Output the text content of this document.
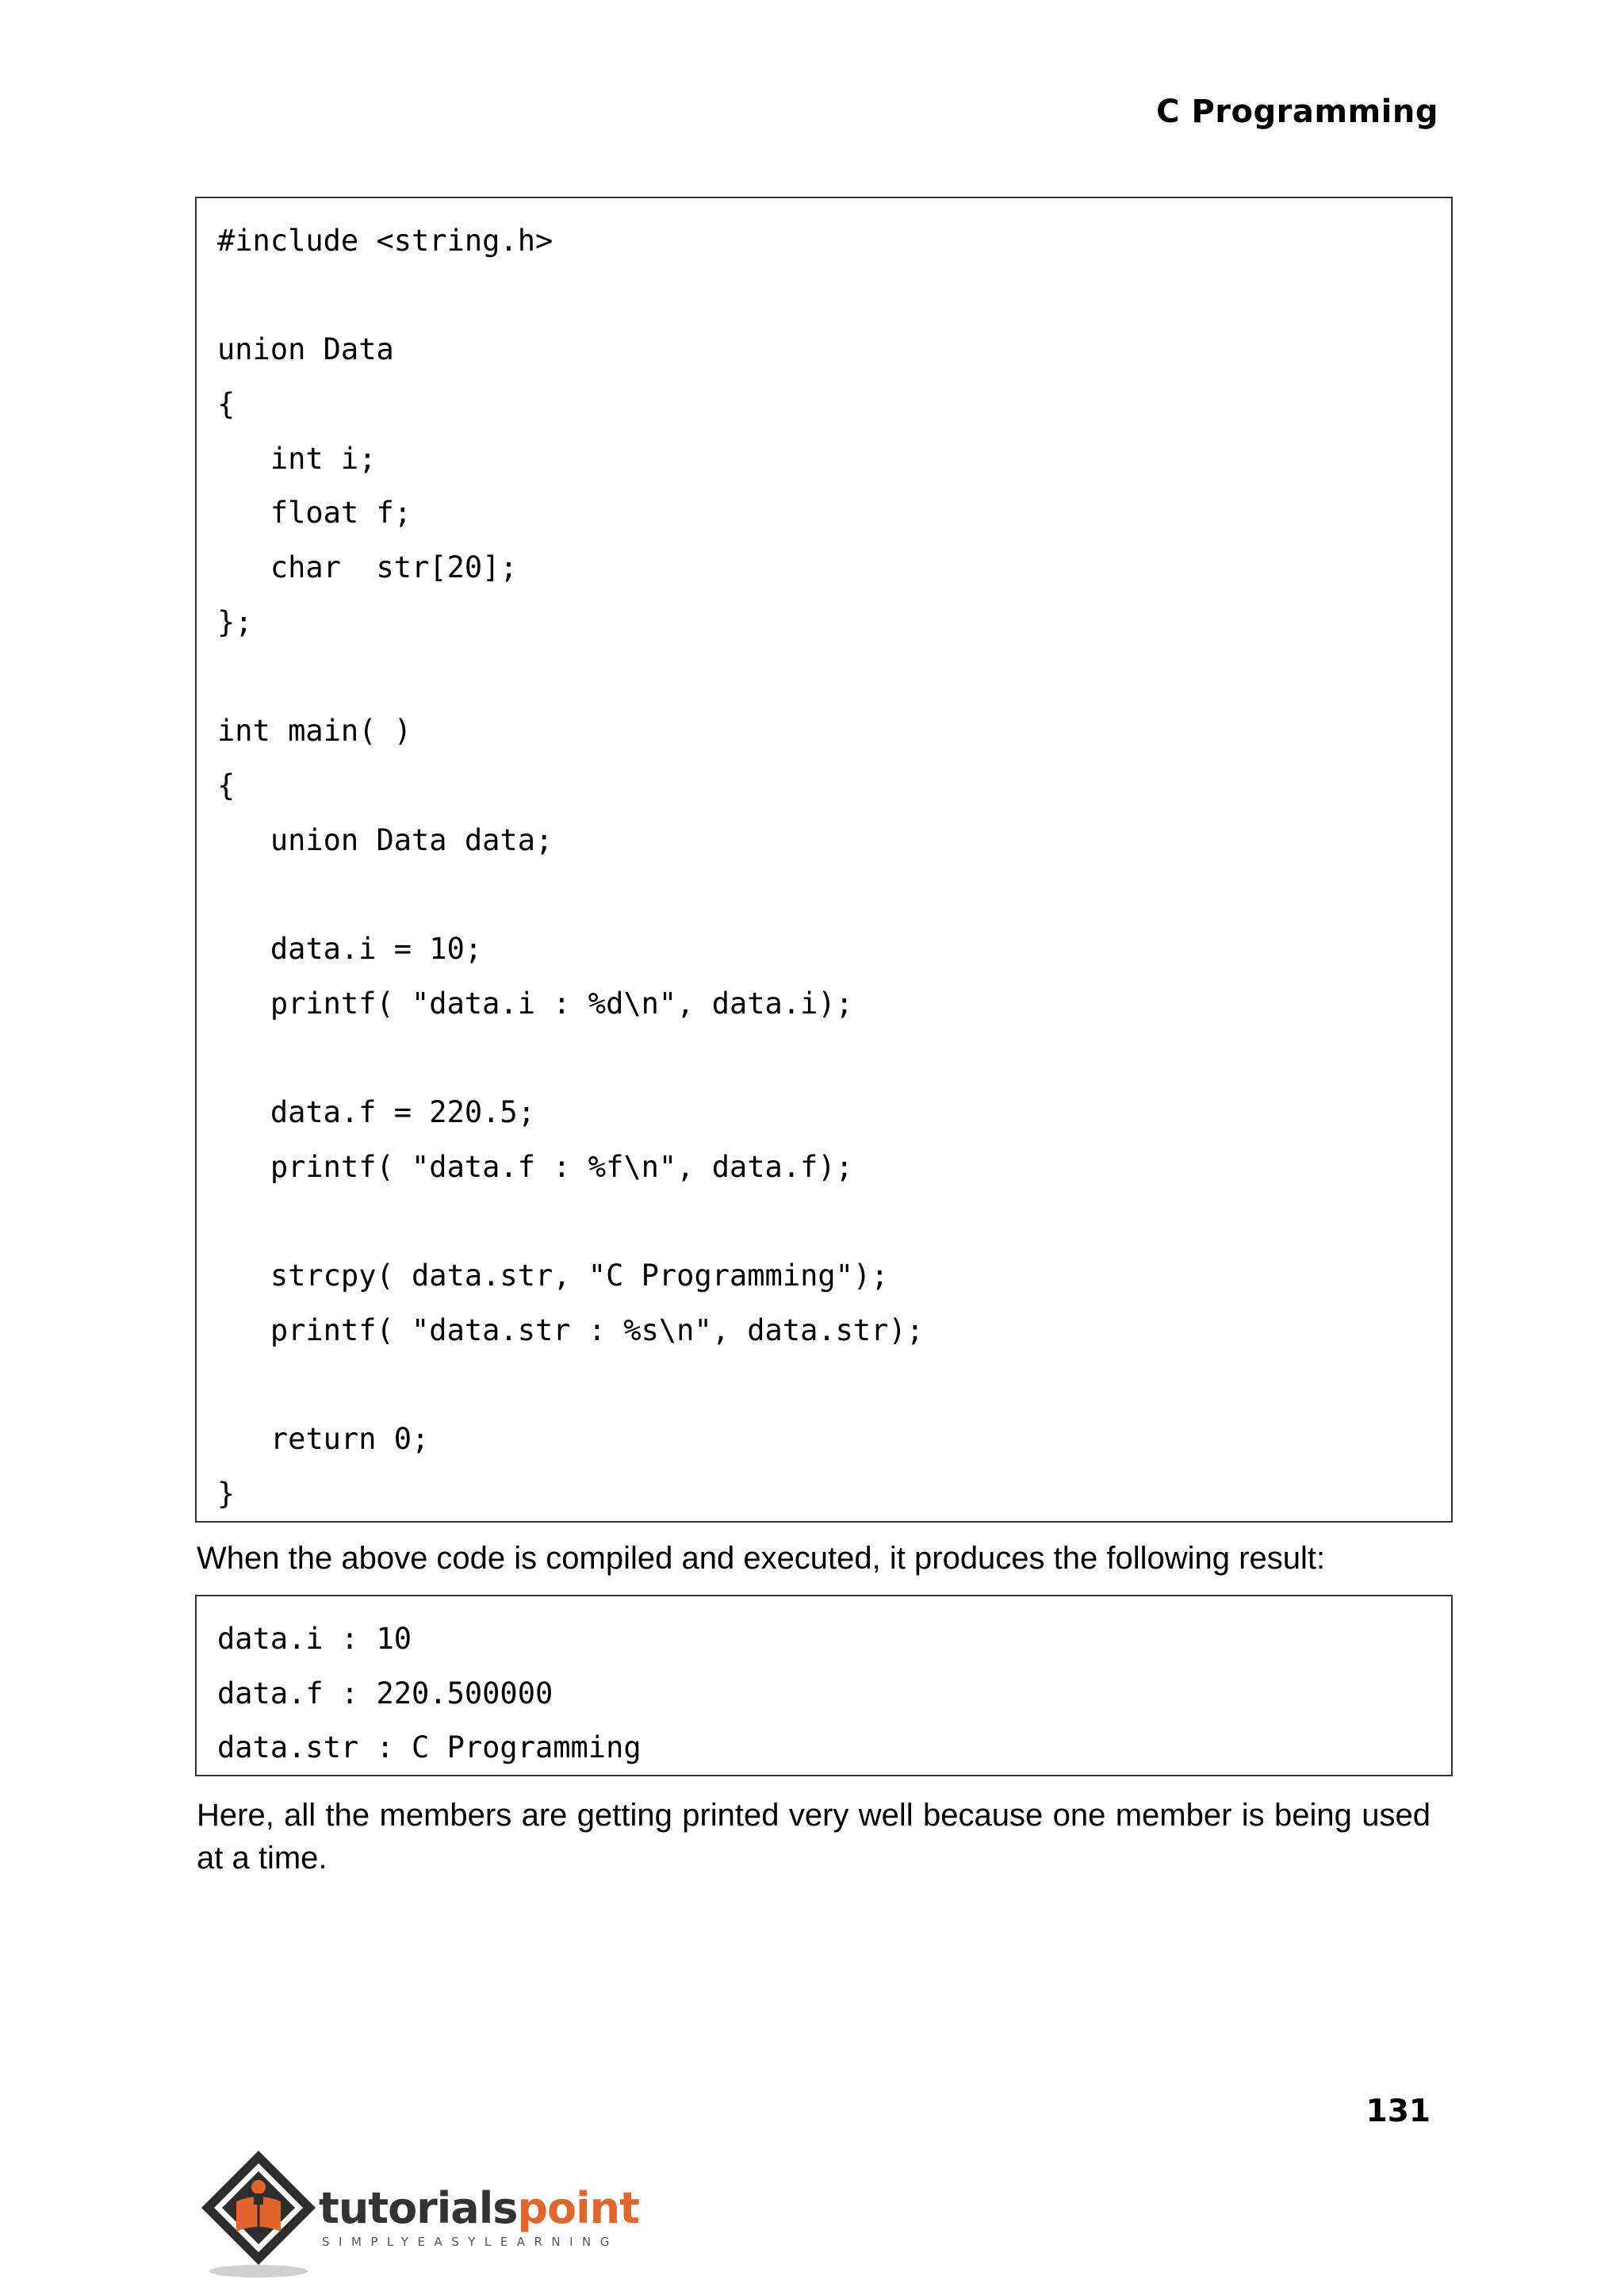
C Programming
#include <string.h>
union Data
{
int i;
float f;
char  str[20];
};
int main( )
{
union Data data;
data.i = 10;
printf( "data.i : %d\n", data.i);
data.f = 220.5;
printf( "data.f : %f\n", data.f);
strcpy( data.str, "C Programming");
printf( "data.str : %s\n", data.str);
return 0;
}
When the above code is compiled and executed, it produces the following result:
data.i : 10
data.f : 220.500000
data.str : C Programming
Here, all the members are getting printed very well because one member is being used at a time.
131
tutorialspoint
SIMPLYEASYLEARNING
